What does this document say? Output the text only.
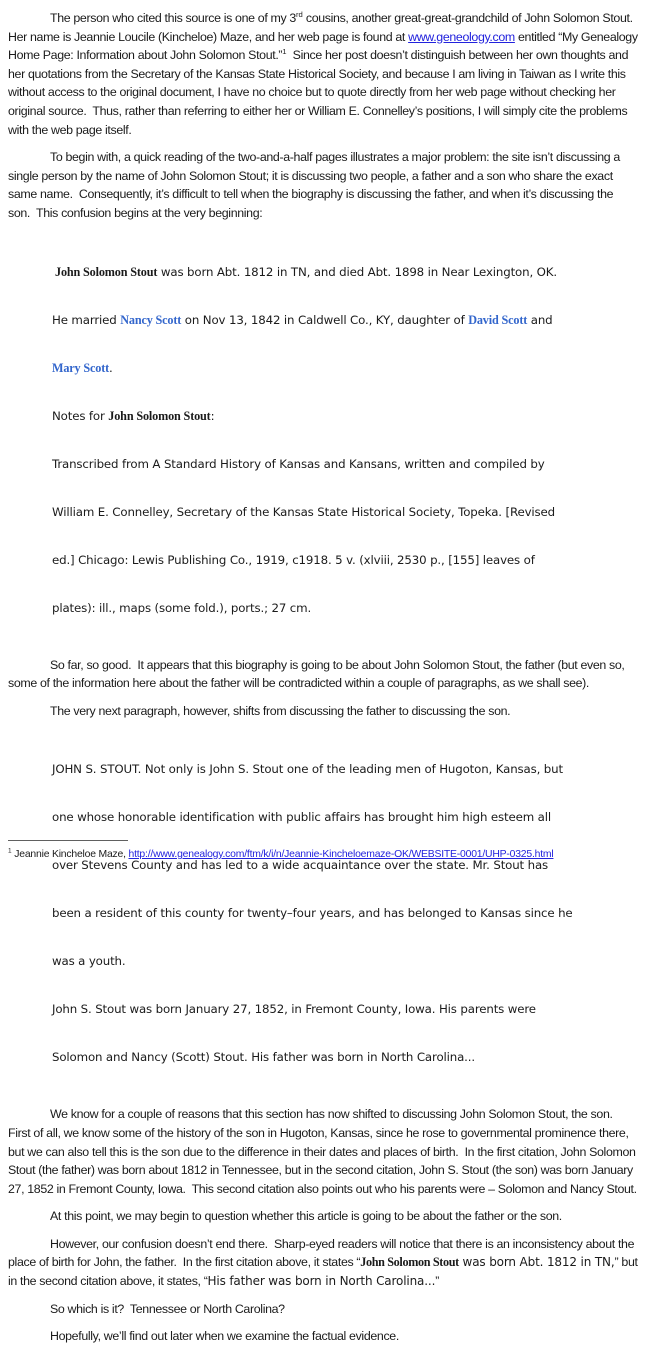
The person who cited this source is one of my 3rd cousins, another great-great-grandchild of John Solomon Stout.  Her name is Jeannie Loucile (Kincheloe) Maze, and her web page is found at www.geneology.com entitled “My Genealogy Home Page: Information about John Solomon Stout.”$^1$  Since her post doesn’t distinguish between her own thoughts and her quotations from the Secretary of the Kansas State Historical Society, and because I am living in Taiwan as I write this without access to the original document, I have no choice but to quote directly from her web page without checking her original source.  Thus, rather than referring to either her or William E. Connelley’s positions, I will simply cite the problems with the web page itself.

To begin with, a quick reading of the two-and-a-half pages illustrates a major problem: the site isn’t discussing a single person by the name of John Solomon Stout; it is discussing two people, a father and a son who share the exact same name.  Consequently, it’s difficult to tell when the biography is discussing the father, and when it’s discussing the son.  This confusion begins at the very beginning:

John Solomon Stout was born Abt. 1812 in TN, and died Abt. 1898 in Near Lexington, OK.

He married Nancy Scott on Nov 13, 1842 in Caldwell Co., KY, daughter of David Scott and

Mary Scott.

Notes for John Solomon Stout:

Transcribed from A Standard History of Kansas and Kansans, written and compiled by

William E. Connelley, Secretary of the Kansas State Historical Society, Topeka. [Revised

ed.] Chicago: Lewis Publishing Co., 1919, c1918. 5 v. (xlviii, 2530 p., [155] leaves of

plates): ill., maps (some fold.), ports.; 27 cm.

So far, so good.  It appears that this biography is going to be about John Solomon Stout, the father (but even so, some of the information here about the father will be contradicted within a couple of paragraphs, as we shall see).

The very next paragraph, however, shifts from discussing the father to discussing the son.

JOHN S. STOUT. Not only is John S. Stout one of the leading men of Hugoton, Kansas, but

one whose honorable identification with public affairs has brought him high esteem all

over Stevens County and has led to a wide acquaintance over the state. Mr. Stout has

been a resident of this county for twenty–four years, and has belonged to Kansas since he

was a youth.

John S. Stout was born January 27, 1852, in Fremont County, Iowa. His parents were

Solomon and Nancy (Scott) Stout. His father was born in North Carolina...

We know for a couple of reasons that this section has now shifted to discussing John Solomon Stout, the son.  First of all, we know some of the history of the son in Hugoton, Kansas, since he rose to governmental prominence there, but we can also tell this is the son due to the difference in their dates and places of birth.  In the first citation, John Solomon Stout (the father) was born about 1812 in Tennessee, but in the second citation, John S. Stout (the son) was born January 27, 1852 in Fremont County, Iowa.  This second citation also points out who his parents were – Solomon and Nancy Stout.

At this point, we may begin to question whether this article is going to be about the father or the son.

However, our confusion doesn’t end there.  Sharp-eyed readers will notice that there is an inconsistency about the place of birth for John, the father.  In the first citation above, it states “John Solomon Stout was born Abt. 1812 in TN,” but in the second citation above, it states, “His father was born in North Carolina...”

So which is it?  Tennessee or North Carolina?

Hopefully, we’ll find out later when we examine the factual evidence.

$^1$ Jeannie Kincheloe Maze, http://www.genealogy.com/ftm/k/i/n/Jeannie-Kincheloemaze-OK/WEBSITE-0001/UHP-0325.html
